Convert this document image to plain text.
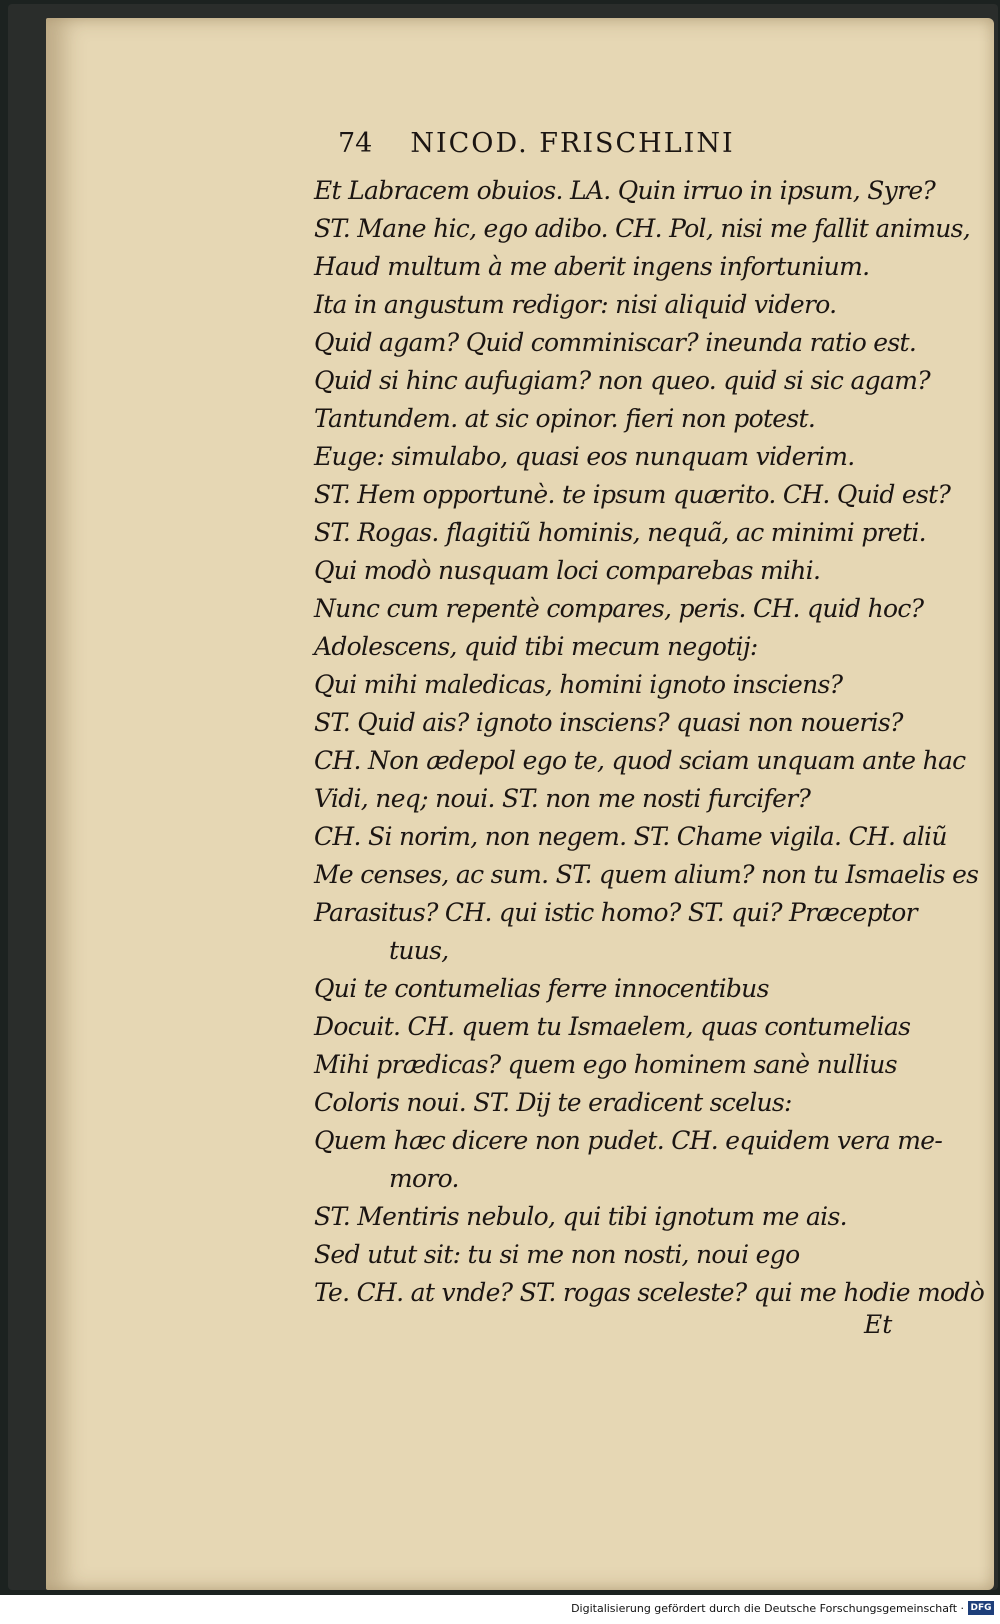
74 NICOD. FRISCHLINI
Et Labracem obuios. LA. Quin irruo in ipsum, Syre?
ST. Mane hic, ego adibo. CH. Pol, nisi me fallit animus,
Haud multum à me aberit ingens infortunium.
Ita in angustum redigor: nisi aliquid videro.
Quid agam? Quid comminiscar? ineunda ratio est.
Quid si hinc aufugiam? non queo. quid si sic agam?
Tantundem. at sic opinor. fieri non potest.
Euge: simulabo, quasi eos nunquam viderim.
ST. Hem opportunè. te ipsum quærito. CH. Quid est?
ST. Rogas. flagitiũ hominis, nequã, ac minimi preti.
Qui modò nusquam loci comparebas mihi.
Nunc cum repentè compares, peris. CH. quid hoc?
Adolescens, quid tibi mecum negotij:
Qui mihi maledicas, homini ignoto insciens?
ST. Quid ais? ignoto insciens? quasi non noueris?
CH. Non ædepol ego te, quod sciam unquam ante hac
Vidi, neq; noui. ST. non me nosti furcifer?
CH. Si norim, non negem. ST. Chame vigila. CH. aliũ
Me censes, ac sum. ST. quem alium? non tu Ismaelis es
Parasitus? CH. qui istic homo? ST. qui? Præceptor
tuus,
Qui te contumelias ferre innocentibus
Docuit. CH. quem tu Ismaelem, quas contumelias
Mihi prædicas? quem ego hominem sanè nullius
Coloris noui. ST. Dij te eradicent scelus:
Quem hæc dicere non pudet. CH. equidem vera me-
moro.
ST. Mentiris nebulo, qui tibi ignotum me ais.
Sed utut sit: tu si me non nosti, noui ego
Te. CH. at vnde? ST. rogas scelestе? qui me hodie modò
Et
Digitalisierung gefördert durch die Deutsche Forschungsgemeinschaft · DFG
